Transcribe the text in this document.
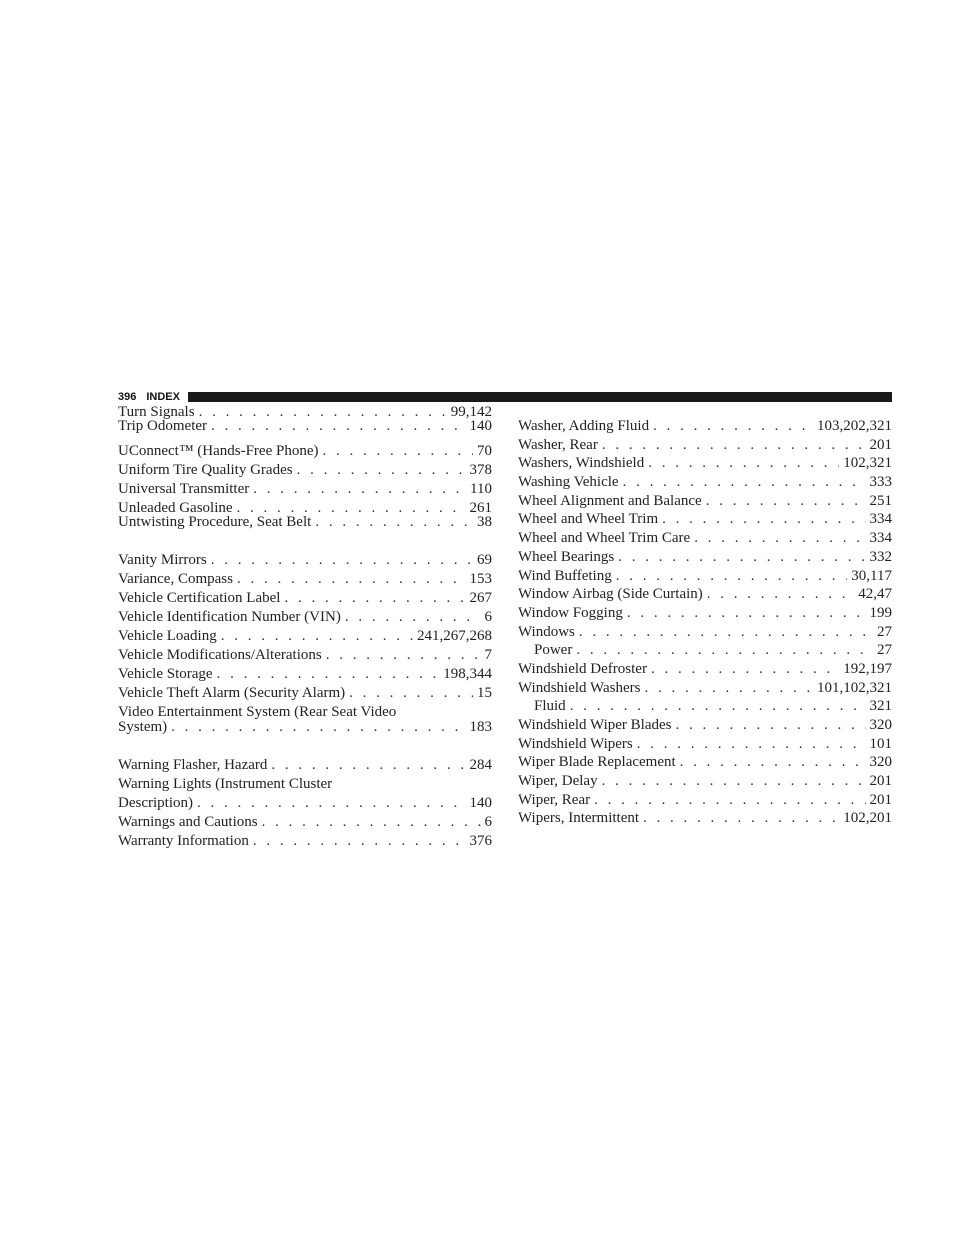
396 INDEX
Turn Signals . . .	99,142
Trip Odometer . . .	140
UConnect™ (Hands-Free Phone) . . .	70
Uniform Tire Quality Grades . . .	378
Universal Transmitter . . .	110
Unleaded Gasoline . . .	261
Untwisting Procedure, Seat Belt . . .	38
Vanity Mirrors . . .	69
Variance, Compass . . .	153
Vehicle Certification Label . . .	267
Vehicle Identification Number (VIN) . . .	6
Vehicle Loading . . .	241,267,268
Vehicle Modifications/Alterations . . .	7
Vehicle Storage . . .	198,344
Vehicle Theft Alarm (Security Alarm) . . .	15
Video Entertainment System (Rear Seat Video
System) . . .	183
Warning Flasher, Hazard . . .	284
Warning Lights (Instrument Cluster
Description) . . .	140
Warnings and Cautions . . .	6
Warranty Information . . .	376
Washer, Adding Fluid . . .	103,202,321
Washer, Rear . . .	201
Washers, Windshield . . .	102,321
Washing Vehicle . . .	333
Wheel Alignment and Balance . . .	251
Wheel and Wheel Trim . . .	334
Wheel and Wheel Trim Care . . .	334
Wheel Bearings . . .	332
Wind Buffeting . . .	30,117
Window Airbag (Side Curtain) . . .	42,47
Window Fogging . . .	199
Windows . . .	27
Power . . .	27
Windshield Defroster . . .	192,197
Windshield Washers . . .	101,102,321
Fluid . . .	321
Windshield Wiper Blades . . .	320
Windshield Wipers . . .	101
Wiper Blade Replacement . . .	320
Wiper, Delay . . .	201
Wiper, Rear . . .	201
Wipers, Intermittent . . .	102,201
